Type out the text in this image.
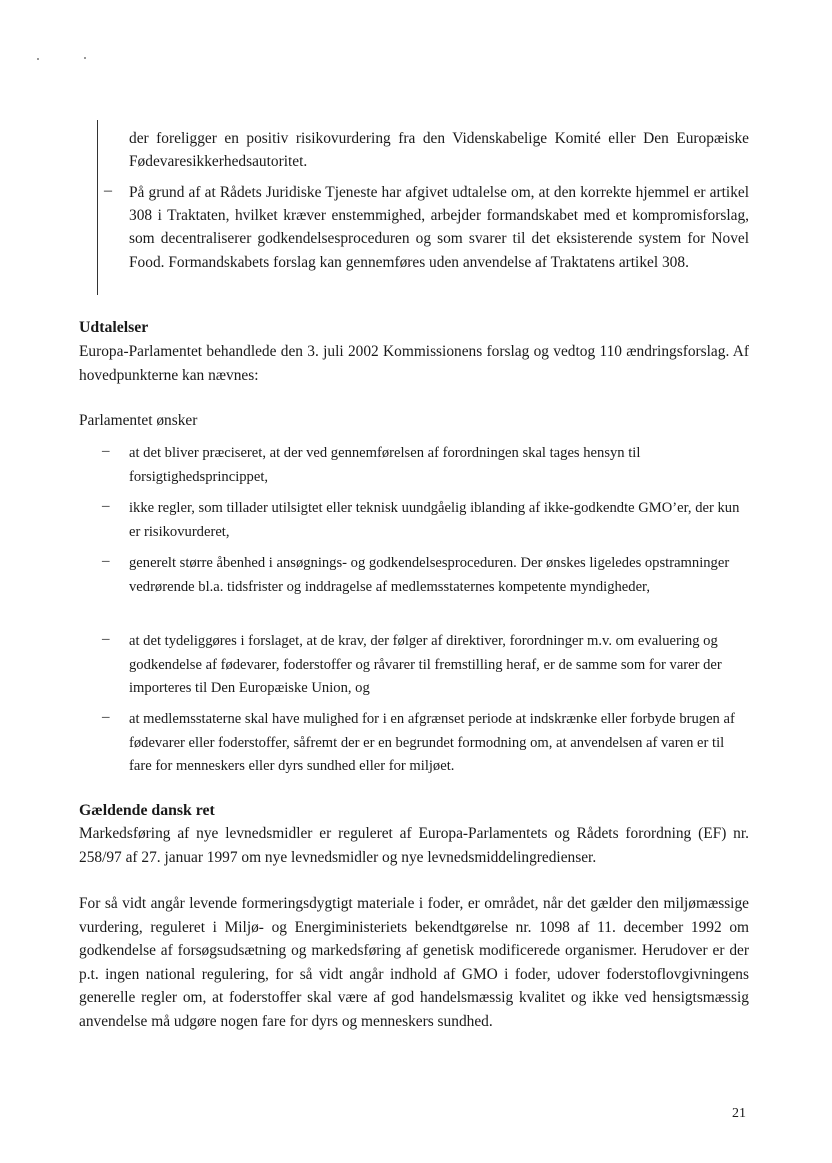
der foreligger en positiv risikovurdering fra den Videnskabelige Komité eller Den Europæiske Fødevaresikkerhedsautoritet.
– På grund af at Rådets Juridiske Tjeneste har afgivet udtalelse om, at den korrekte hjemmel er artikel 308 i Traktaten, hvilket kræver enstemmighed, arbejder formandskabet med et kompromisforslag, som decentraliserer godkendelsesproceduren og som svarer til det eksisterende system for Novel Food. Formandskabets forslag kan gennemføres uden anvendelse af Traktatens artikel 308.
Udtalelser
Europa-Parlamentet behandlede den 3. juli 2002 Kommissionens forslag og vedtog 110 ændringsforslag. Af hovedpunkterne kan nævnes:
Parlamentet ønsker
– at det bliver præciseret, at der ved gennemførelsen af forordningen skal tages hensyn til forsigtighedsprincippet,
– ikke regler, som tillader utilsigtet eller teknisk uundgåelig iblanding af ikke-godkendte GMO’er, der kun er risikovurderet,
– generelt større åbenhed i ansøgnings- og godkendelsesproceduren. Der ønskes ligeledes opstramninger vedrørende bl.a. tidsfrister og inddragelse af medlemsstaternes kompetente myndigheder,
– at det tydeliggøres i forslaget, at de krav, der følger af direktiver, forordninger m.v. om evaluering og godkendelse af fødevarer, foderstoffer og råvarer til fremstilling heraf, er de samme som for varer der importeres til Den Europæiske Union, og
– at medlemsstaterne skal have mulighed for i en afgrænset periode at indskrænke eller forbyde brugen af fødevarer eller foderstoffer, såfremt der er en begrundet formodning om, at anvendelsen af varen er til fare for menneskers eller dyrs sundhed eller for miljøet.
Gældende dansk ret
Markedsføring af nye levnedsmidler er reguleret af Europa-Parlamentets og Rådets forordning (EF) nr. 258/97 af 27. januar 1997 om nye levnedsmidler og nye levnedsmiddelingredienser.
For så vidt angår levende formeringsdygtigt materiale i foder, er området, når det gælder den miljømæssige vurdering, reguleret i Miljø- og Energiministeriets bekendtgørelse nr. 1098 af 11. december 1992 om godkendelse af forsøgsudsætning og markedsføring af genetisk modificerede organismer. Herudover er der p.t. ingen national regulering, for så vidt angår indhold af GMO i foder, udover foderstoflovgivningens generelle regler om, at foderstoffer skal være af god handelsmæssig kvalitet og ikke ved hensigtsmæssig anvendelse må udgøre nogen fare for dyrs og menneskers sundhed.
21
